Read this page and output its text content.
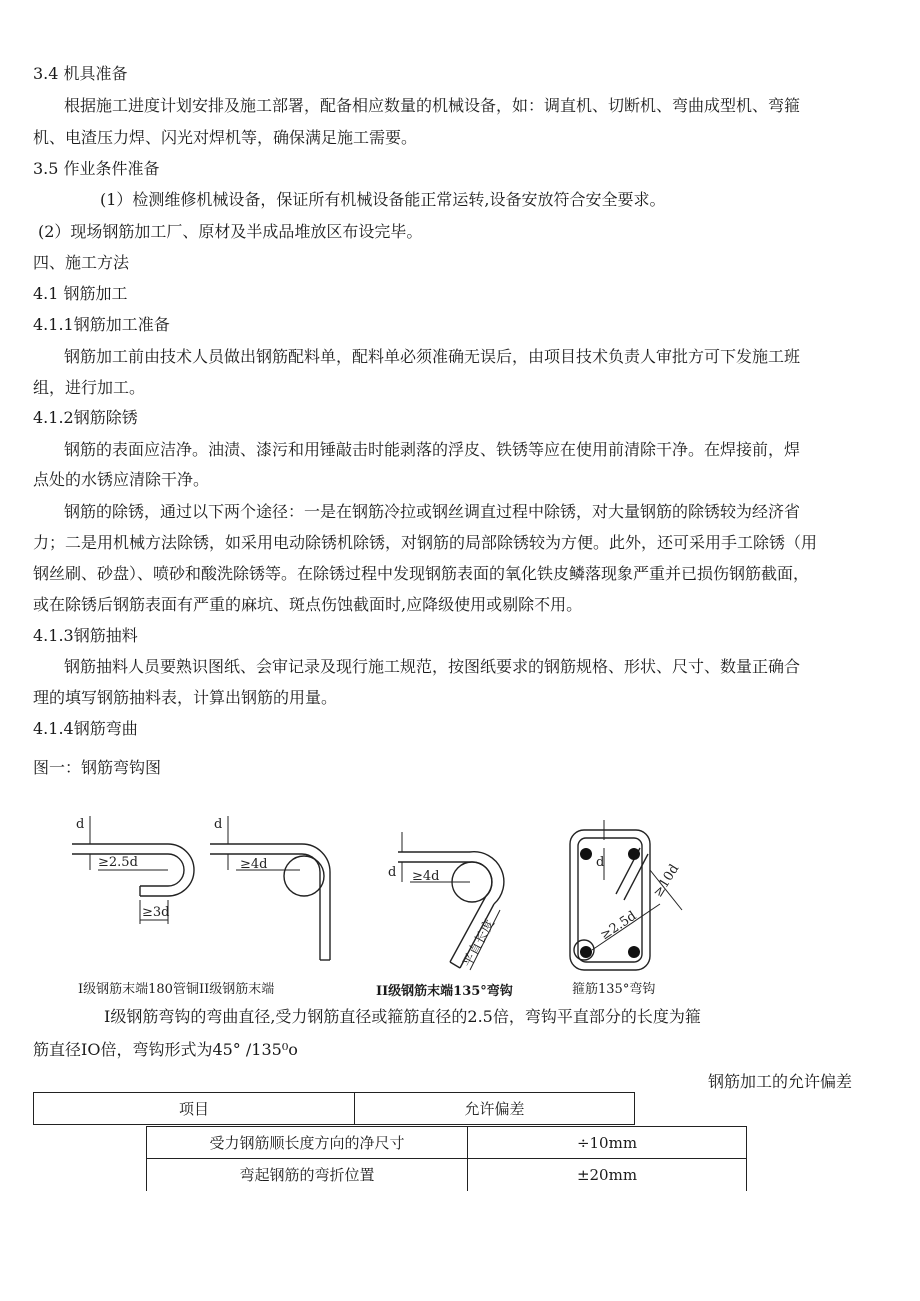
3.4 机具准备
根据施工进度计划安排及施工部署，配备相应数量的机械设备，如：调直机、切断机、弯曲成型机、弯箍
机、电渣压力焊、闪光对焊机等，确保满足施工需要。
3.5 作业条件准备
(1）检测维修机械设备，保证所有机械设备能正常运转,设备安放符合安全要求。
(2）现场钢筋加工厂、原材及半成品堆放区布设完毕。
四、施工方法
4.1 钢筋加工
4.1.1钢筋加工准备
钢筋加工前由技术人员做出钢筋配料单，配料单必须准确无误后，由项目技术负责人审批方可下发施工班
组，进行加工。
4.1.2钢筋除锈
钢筋的表面应洁净。油渍、漆污和用锤敲击时能剥落的浮皮、铁锈等应在使用前清除干净。在焊接前，焊
点处的水锈应清除干净。
钢筋的除锈，通过以下两个途径：一是在钢筋冷拉或钢丝调直过程中除锈，对大量钢筋的除锈较为经济省
力；二是用机械方法除锈，如采用电动除锈机除锈，对钢筋的局部除锈较为方便。此外，还可采用手工除锈（用
钢丝刷、砂盘）、喷砂和酸洗除锈等。在除锈过程中发现钢筋表面的氧化铁皮鳞落现象严重并已损伤钢筋截面，
或在除锈后钢筋表面有严重的麻坑、斑点伤蚀截面时,应降级使用或剔除不用。
4.1.3钢筋抽料
钢筋抽料人员要熟识图纸、会审记录及现行施工规范，按图纸要求的钢筋规格、形状、尺寸、数量正确合
理的填写钢筋抽料表，计算出钢筋的用量。
4.1.4钢筋弯曲
图一：钢筋弯钩图
d
≥2.5d
≥3d
d
≥4d
d ≥4d
平直长度
d
≥2.5d
≥10d
Ⅰ级钢筋末端180管铜II级钢筋末端	II级钢筋末端135°弯钩	箍筋135°弯钩
Ⅰ级钢筋弯钩的弯曲直径,受力钢筋直径或箍筋直径的2.5倍，弯钩平直部分的长度为箍
筋直径IO倍，弯钩形式为45° /135⁰o
钢筋加工的允许偏差
项目	允许偏差
受力钢筋顺长度方向的净尺寸	÷10mm
弯起钢筋的弯折位置	±20mm
